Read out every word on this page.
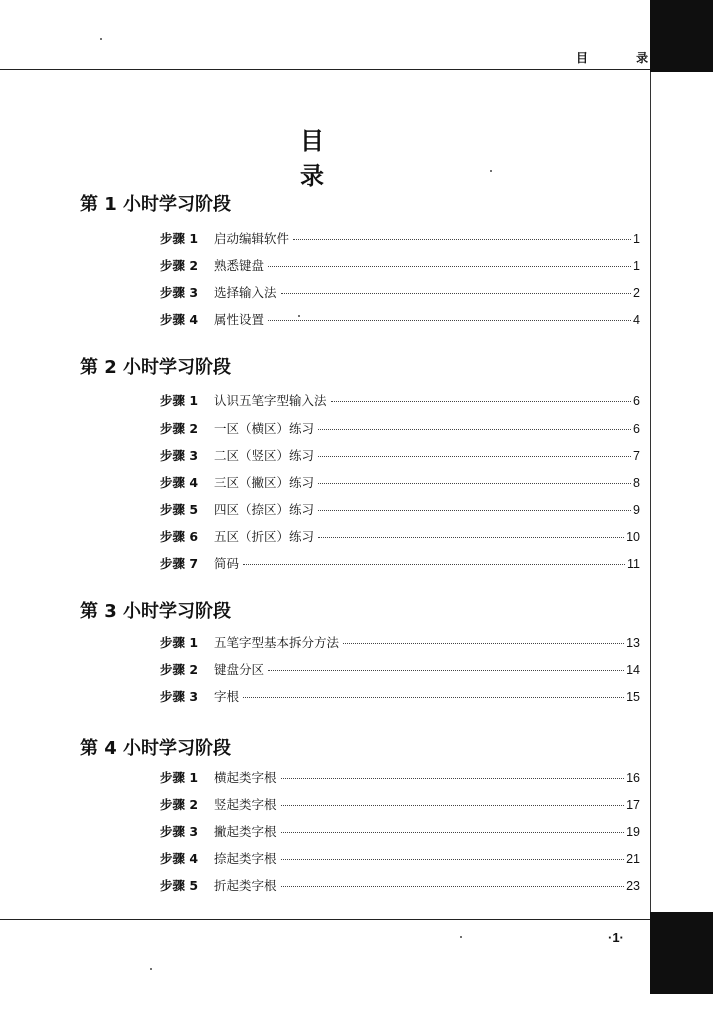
目 录
目 录
第 1 小时学习阶段
步骤 1	启动编辑软件	1
步骤 2	熟悉键盘	1
步骤 3	选择输入法	2
步骤 4	属性设置	4
第 2 小时学习阶段
步骤 1	认识五笔字型输入法	6
步骤 2	一区（横区）练习	6
步骤 3	二区（竖区）练习	7
步骤 4	三区（撇区）练习	8
步骤 5	四区（捺区）练习	9
步骤 6	五区（折区）练习	10
步骤 7	简码	11
第 3 小时学习阶段
步骤 1	五笔字型基本拆分方法	13
步骤 2	键盘分区	14
步骤 3	字根	15
第 4 小时学习阶段
步骤 1	横起类字根	16
步骤 2	竖起类字根	17
步骤 3	撇起类字根	19
步骤 4	捺起类字根	21
步骤 5	折起类字根	23
·1·
